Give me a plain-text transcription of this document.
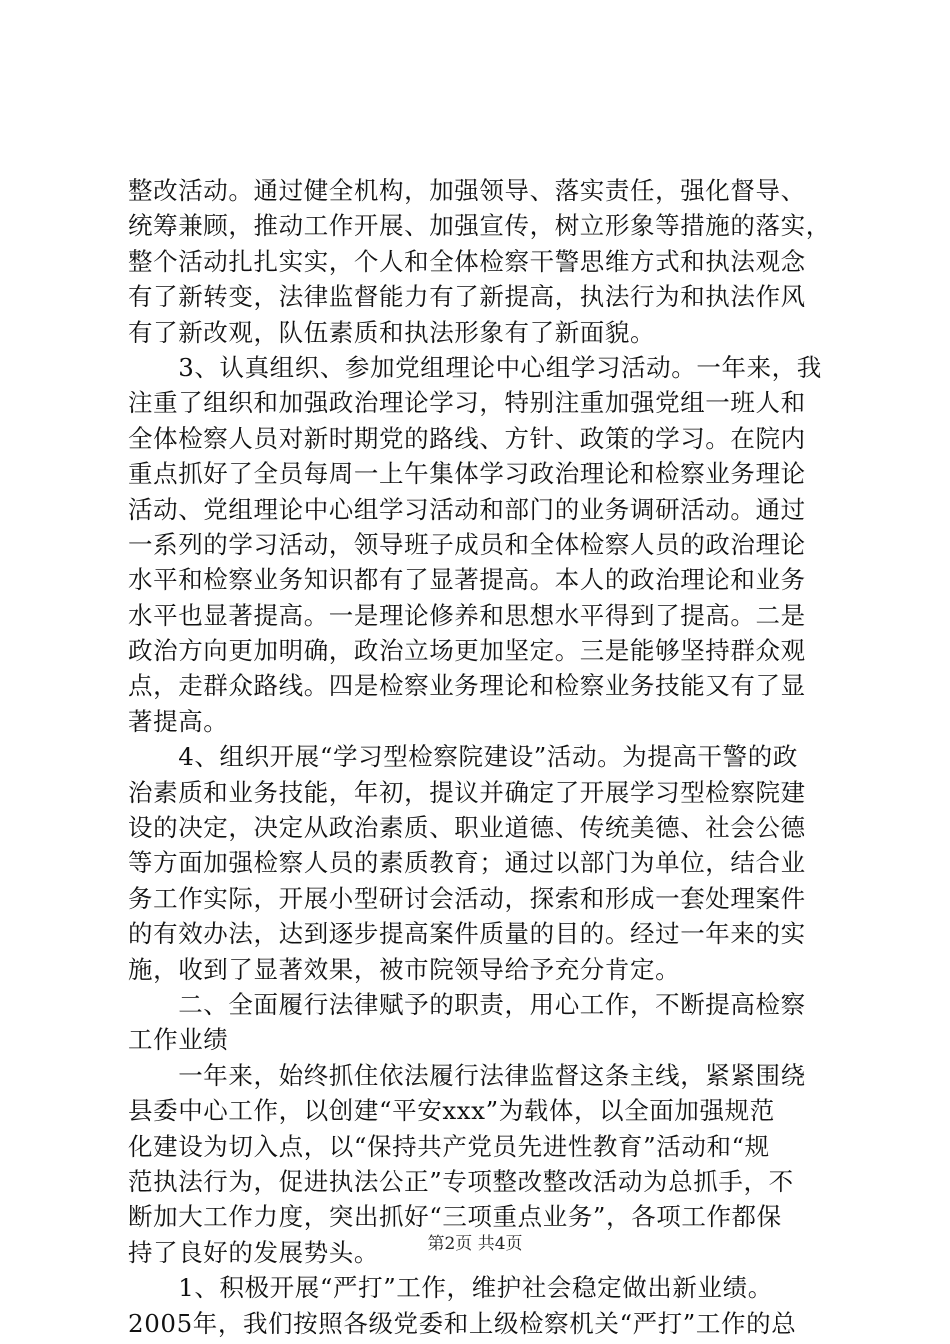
整改活动。通过健全机构，加强领导、落实责任，强化督导、
统筹兼顾，推动工作开展、加强宣传，树立形象等措施的落实，
整个活动扎扎实实，个人和全体检察干警思维方式和执法观念
有了新转变，法律监督能力有了新提高，执法行为和执法作风
有了新改观，队伍素质和执法形象有了新面貌。
　　3、认真组织、参加党组理论中心组学习活动。一年来，我
注重了组织和加强政治理论学习，特别注重加强党组一班人和
全体检察人员对新时期党的路线、方针、政策的学习。在院内
重点抓好了全员每周一上午集体学习政治理论和检察业务理论
活动、党组理论中心组学习活动和部门的业务调研活动。通过
一系列的学习活动，领导班子成员和全体检察人员的政治理论
水平和检察业务知识都有了显著提高。本人的政治理论和业务
水平也显著提高。一是理论修养和思想水平得到了提高。二是
政治方向更加明确，政治立场更加坚定。三是能够坚持群众观
点，走群众路线。四是检察业务理论和检察业务技能又有了显
著提高。
　　4、组织开展“学习型检察院建设”活动。为提高干警的政
治素质和业务技能，年初，提议并确定了开展学习型检察院建
设的决定，决定从政治素质、职业道德、传统美德、社会公德
等方面加强检察人员的素质教育；通过以部门为单位，结合业
务工作实际，开展小型研讨会活动，探索和形成一套处理案件
的有效办法，达到逐步提高案件质量的目的。经过一年来的实
施，收到了显著效果，被市院领导给予充分肯定。
　　二、全面履行法律赋予的职责，用心工作，不断提高检察
工作业绩
　　一年来，始终抓住依法履行法律监督这条主线，紧紧围绕
县委中心工作，以创建“平安xxx”为载体，以全面加强规范
化建设为切入点，以“保持共产党员先进性教育”活动和“规
范执法行为，促进执法公正”专项整改整改活动为总抓手，不
断加大工作力度，突出抓好“三项重点业务”，各项工作都保
持了良好的发展势头。
　　1、积极开展“严打”工作，维护社会稳定做出新业绩。
2005年，我们按照各级党委和上级检察机关“严打”工作的总
第2页 共4页
